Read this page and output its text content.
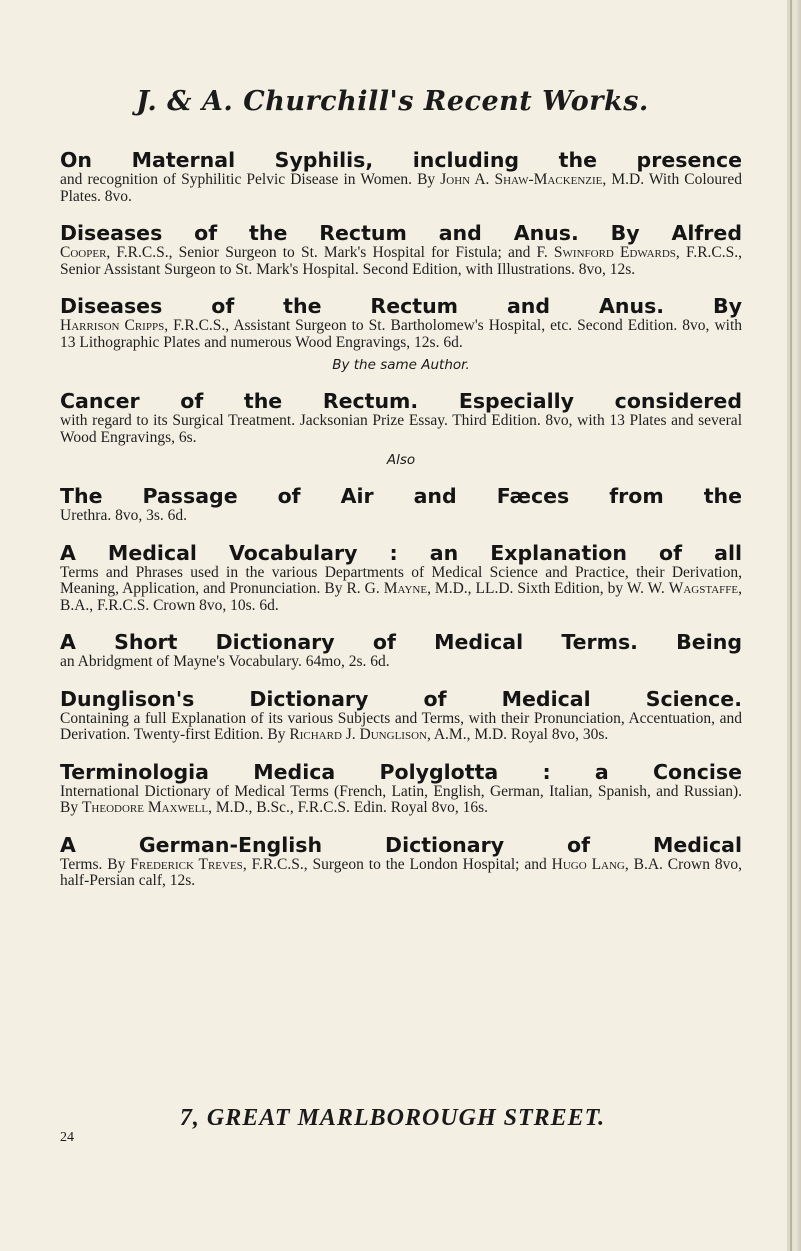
J. & A. Churchill's Recent Works.
On Maternal Syphilis, including the presence
and recognition of Syphilitic Pelvic Disease in Women. By John A. Shaw-Mackenzie, M.D. With Coloured Plates. 8vo.
Diseases of the Rectum and Anus. By Alfred
Cooper, F.R.C.S., Senior Surgeon to St. Mark's Hospital for Fistula; and F. Swinford Edwards, F.R.C.S., Senior Assistant Surgeon to St. Mark's Hospital. Second Edition, with Illustrations. 8vo, 12s.
Diseases of the Rectum and Anus. By
Harrison Cripps, F.R.C.S., Assistant Surgeon to St. Bartholomew's Hospital, etc. Second Edition. 8vo, with 13 Lithographic Plates and numerous Wood Engravings, 12s. 6d.
By the same Author.
Cancer of the Rectum. Especially considered
with regard to its Surgical Treatment. Jacksonian Prize Essay. Third Edition. 8vo, with 13 Plates and several Wood Engravings, 6s.
Also
The Passage of Air and Fæces from the
Urethra. 8vo, 3s. 6d.
A Medical Vocabulary : an Explanation of all
Terms and Phrases used in the various Departments of Medical Science and Practice, their Derivation, Meaning, Application, and Pronunciation. By R. G. Mayne, M.D., LL.D. Sixth Edition, by W. W. Wagstaffe, B.A., F.R.C.S. Crown 8vo, 10s. 6d.
A Short Dictionary of Medical Terms. Being
an Abridgment of Mayne's Vocabulary. 64mo, 2s. 6d.
Dunglison's Dictionary of Medical Science.
Containing a full Explanation of its various Subjects and Terms, with their Pronunciation, Accentuation, and Derivation. Twenty-first Edition. By Richard J. Dunglison, A.M., M.D. Royal 8vo, 30s.
Terminologia Medica Polyglotta : a Concise
International Dictionary of Medical Terms (French, Latin, English, German, Italian, Spanish, and Russian). By Theodore Maxwell, M.D., B.Sc., F.R.C.S. Edin. Royal 8vo, 16s.
A German-English Dictionary of Medical
Terms. By Frederick Treves, F.R.C.S., Surgeon to the London Hospital; and Hugo Lang, B.A. Crown 8vo, half-Persian calf, 12s.
7, GREAT MARLBOROUGH STREET.
24
